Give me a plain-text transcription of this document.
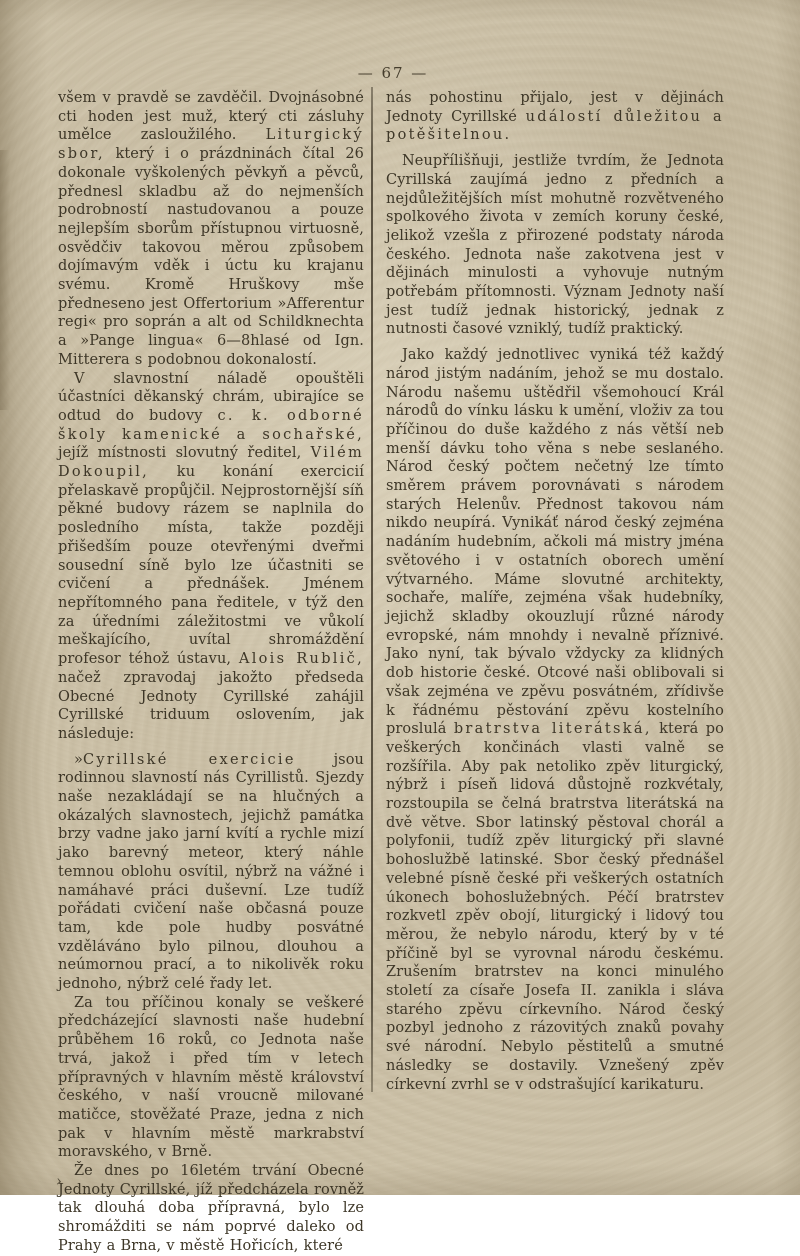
— 67 —

všem v pravdě se zavděčil. Dvojnásobné cti hoden jest muž, který cti zásluhy umělce zasloužilého. Liturgický sbor, který i o prázdninách čítal 26 dokonale vyškolených pěvkyň a pěvců, přednesl skladbu až do nejmenších podrobností nastudovanou a pouze nejlepším sborům přístupnou virtuosně, osvědčiv takovou měrou způsobem dojímavým vděk i úctu ku krajanu svému. Kromě Hruškovy mše předneseno jest Offertorium »Afferentur regi« pro soprán a alt od Schildknechta a »Pange lingua« 6—8hlasé od Ign. Mitterera s podobnou dokonalostí.

V slavnostní náladě opouštěli účastníci děkanský chrám, ubirajíce se odtud do budovy c. k. odborné školy kamenické a sochařské, jejíž místnosti slovutný ředitel, Vilém Dokoupil, ku konání exercicií přelaskavě propůjčil. Nejprostornější síň pěkné budovy rázem se naplnila do posledního místa, takže později přišedším pouze otevřenými dveřmi sousední síně bylo lze účastniti se cvičení a přednášek. Jménem nepřítomného pana ředitele, v týž den za úředními záležitostmi ve vůkolí meškajícího, uvítal shromáždění profesor téhož ústavu, Alois Rublič, načež zpravodaj jakožto předseda Obecné Jednoty Cyrillské zahájil Cyrillské triduum oslovením, jak následuje:

»Cyrillské exercicie jsou rodinnou slavností nás Cyrillistů. Sjezdy naše nezakládají se na hlučných a okázalých slavnostech, jejichž památka brzy vadne jako jarní kvítí a rychle mizí jako barevný meteor, který náhle temnou oblohu osvítil, nýbrž na vážné i namáhavé práci duševní. Lze tudíž pořádati cvičení naše občasná pouze tam, kde pole hudby posvátné vzděláváno bylo pilnou, dlouhou a neúmornou prací, a to nikolivěk roku jednoho, nýbrž celé řady let.

Za tou příčinou konaly se veškeré předcházející slavnosti naše hudební průběhem 16 roků, co Jednota naše trvá, jakož i před tím v letech přípravných v hlavním městě království českého, v naší vroucně milované matičce, stověžaté Praze, jedna z nich pak v hlavním městě markrabství moravského, v Brně.

Že dnes po 16letém trvání Obecné Jednoty Cyrillské, jíž předcházela rovněž tak dlouhá doba přípravná, bylo lze shromážditi se nám poprvé daleko od Prahy a Brna, v městě Hořicích, které

nás pohostinu přijalo, jest v dějinách Jednoty Cyrillské událostí důležitou a potěšitelnou.

Neupřílišňuji, jestliže tvrdím, že Jednota Cyrillská zaujímá jedno z předních a nejdůležitějších míst mohutně rozvětveného spolkového života v zemích koruny české, jelikož vzešla z přirozené podstaty národa českého. Jednota naše zakotvena jest v dějinách minulosti a vyhovuje nutným potřebám přítomnosti. Význam Jednoty naší jest tudíž jednak historický, jednak z nutnosti časové vzniklý, tudíž praktický.

Jako každý jednotlivec vyniká též každý národ jistým nadáním, jehož se mu dostalo. Národu našemu uštědřil všemohoucí Král národů do vínku lásku k umění, vloživ za tou příčinou do duše každého z nás větší neb menší dávku toho věna s nebe seslaného. Národ český počtem nečetný lze tímto směrem právem porovnávati s národem starých Helenův. Přednost takovou nám nikdo neupírá. Vynikáť národ český zejména nadáním hudebním, ačkoli má mistry jména světového i v ostatních oborech umění výtvarného. Máme slovutné architekty, sochaře, malíře, zejména však hudebníky, jejichž skladby okouzlují různé národy evropské, nám mnohdy i nevalně příznivé. Jako nyní, tak bývalo vždycky za klidných dob historie české. Otcové naši oblibovali si však zejména ve zpěvu posvátném, zřídivše k řádnému pěstování zpěvu kostelního proslulá bratrstva literátská, která po veškerých končinách vlasti valně se rozšířila. Aby pak netoliko zpěv liturgický, nýbrž i píseň lidová důstojně rozkvétaly, rozstoupila se čelná bratrstva literátská na dvě větve. Sbor latinský pěstoval chorál a polyfonii, tudíž zpěv liturgický při slavné bohoslužbě latinské. Sbor český přednášel velebné písně české při veškerých ostatních úkonech bohoslužebných. Péčí bratrstev rozkvetl zpěv obojí, liturgický i lidový tou měrou, že nebylo národu, který by v té příčině byl se vyrovnal národu českému. Zrušením bratrstev na konci minulého století za císaře Josefa II. zanikla i sláva starého zpěvu církevního. Národ český pozbyl jednoho z rázovitých znaků povahy své národní. Nebylo pěstitelů a smutné následky se dostavily. Vznešený zpěv církevní zvrhl se v odstrašující karikaturu.

›
